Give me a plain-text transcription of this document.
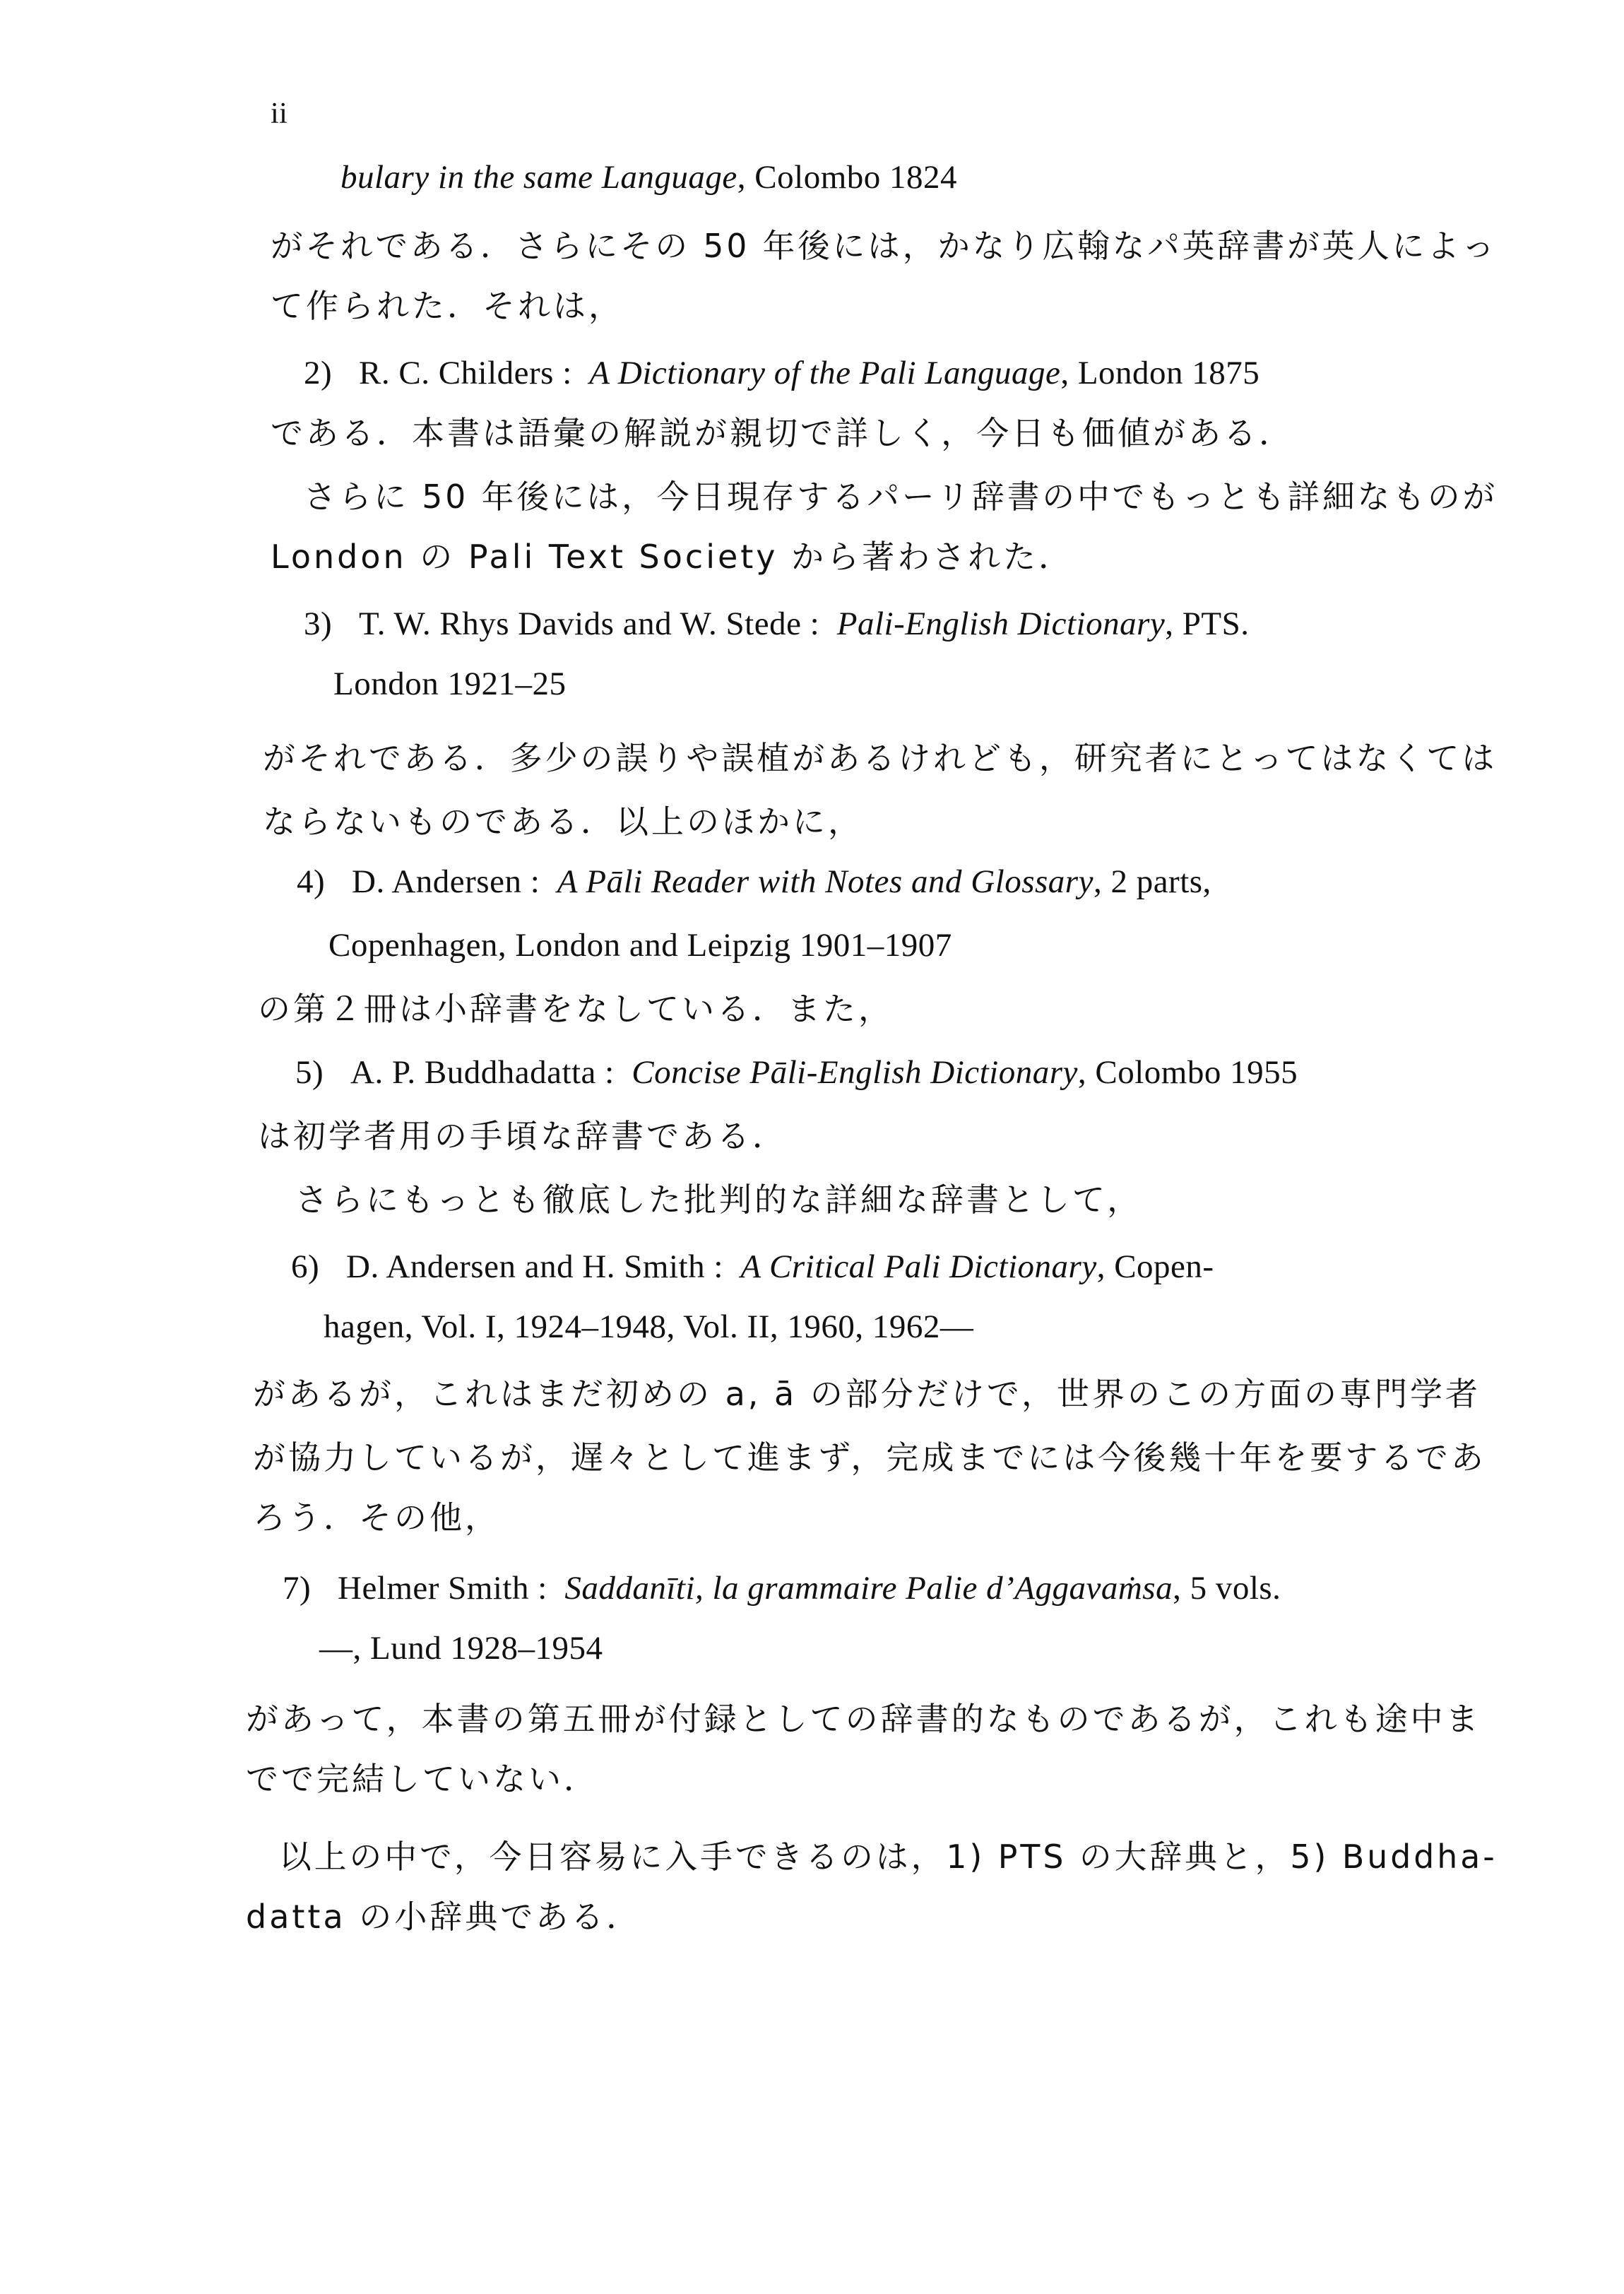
ii
bulary in the same Language, Colombo 1824
がそれである．さらにその 50 年後には，かなり広翰なパ英辞書が英人によっ
て作られた．それは，
2) R. C. Childers : A Dictionary of the Pali Language, London 1875
である．本書は語彙の解説が親切で詳しく，今日も価値がある．
さらに 50 年後には，今日現存するパーリ辞書の中でもっとも詳細なものが
London の Pali Text Society から著わされた．
3) T. W. Rhys Davids and W. Stede : Pali-English Dictionary, PTS.
London 1921–25
がそれである．多少の誤りや誤植があるけれども，研究者にとってはなくては
ならないものである．以上のほかに，
4) D. Andersen : A Pāli Reader with Notes and Glossary, 2 parts,
Copenhagen, London and Leipzig 1901–1907
の第２冊は小辞書をなしている．また，
5) A. P. Buddhadatta : Concise Pāli-English Dictionary, Colombo 1955
は初学者用の手頃な辞書である．
さらにもっとも徹底した批判的な詳細な辞書として，
6) D. Andersen and H. Smith : A Critical Pali Dictionary, Copen-
hagen, Vol. I, 1924–1948, Vol. II, 1960, 1962—
があるが，これはまだ初めの a, ā の部分だけで，世界のこの方面の専門学者
が協力しているが，遅々として進まず，完成までには今後幾十年を要するであ
ろう．その他，
7) Helmer Smith : Saddanīti, la grammaire Palie d’Aggavaṁsa, 5 vols.
—, Lund 1928–1954
があって，本書の第五冊が付録としての辞書的なものであるが，これも途中ま
でで完結していない．
以上の中で，今日容易に入手できるのは，1) PTS の大辞典と，5) Buddha-
datta の小辞典である．
